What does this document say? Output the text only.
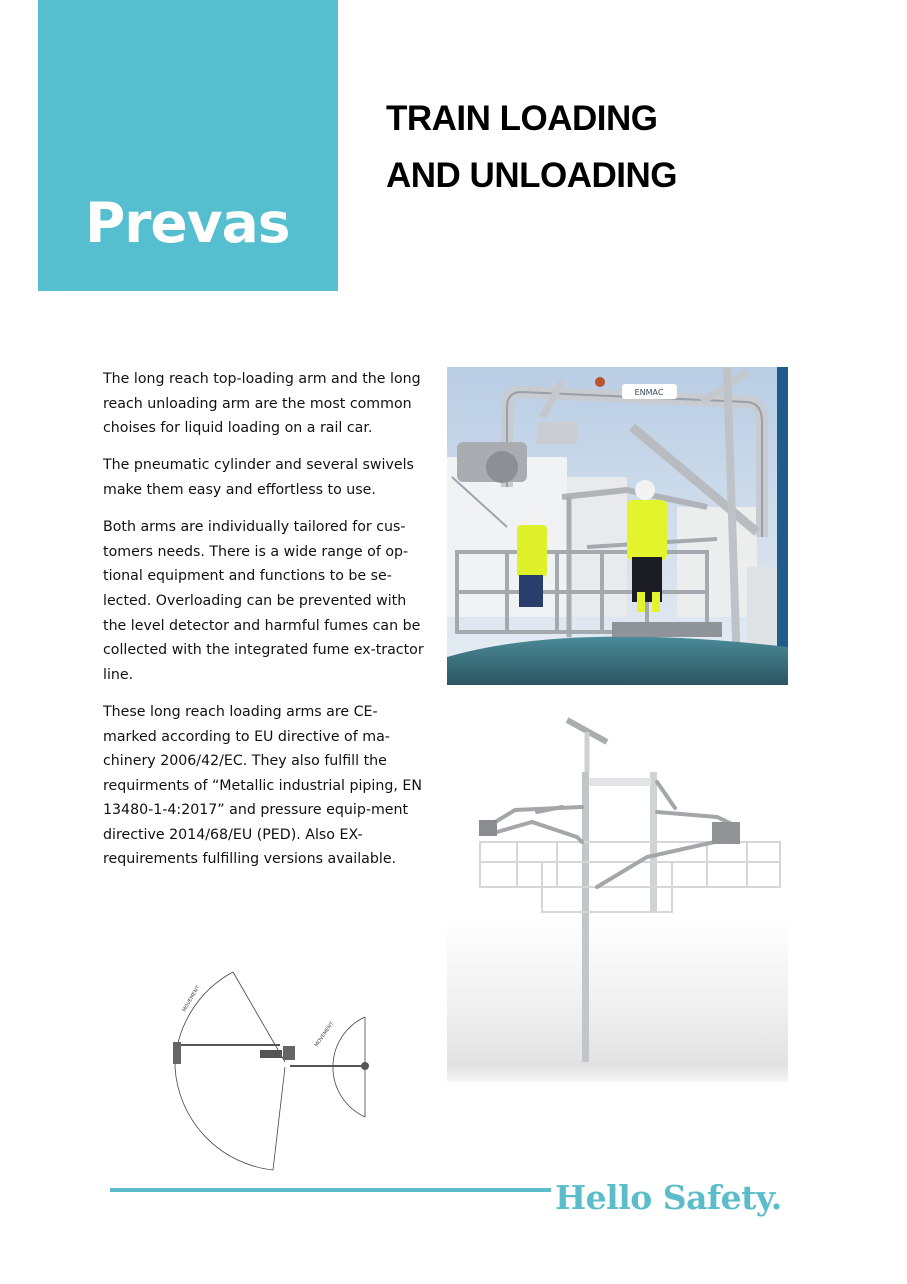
Prevas
TRAIN LOADING
AND UNLOADING

The long reach top-loading arm and the long reach unloading arm are the most common choises for liquid loading on a rail car.

The pneumatic cylinder and several swivels make them easy and effortless to use.

Both arms are individually tailored for cus-tomers needs. There is a wide range of op-tional equipment and functions to be se-lected. Overloading can be prevented with the level detector and harmful fumes can be collected with the integrated fume ex-tractor line.

These long reach loading arms are CE-marked according to EU directive of ma-chinery 2006/42/EC. They also fulfill the requirments of “Metallic industrial piping, EN 13480-1-4:2017” and pressure equip-ment directive 2014/68/EU (PED). Also EX-requirements fulfilling versions available.

ENMAC
MOVEMENT
MOVEMENT
Hello Safety.
